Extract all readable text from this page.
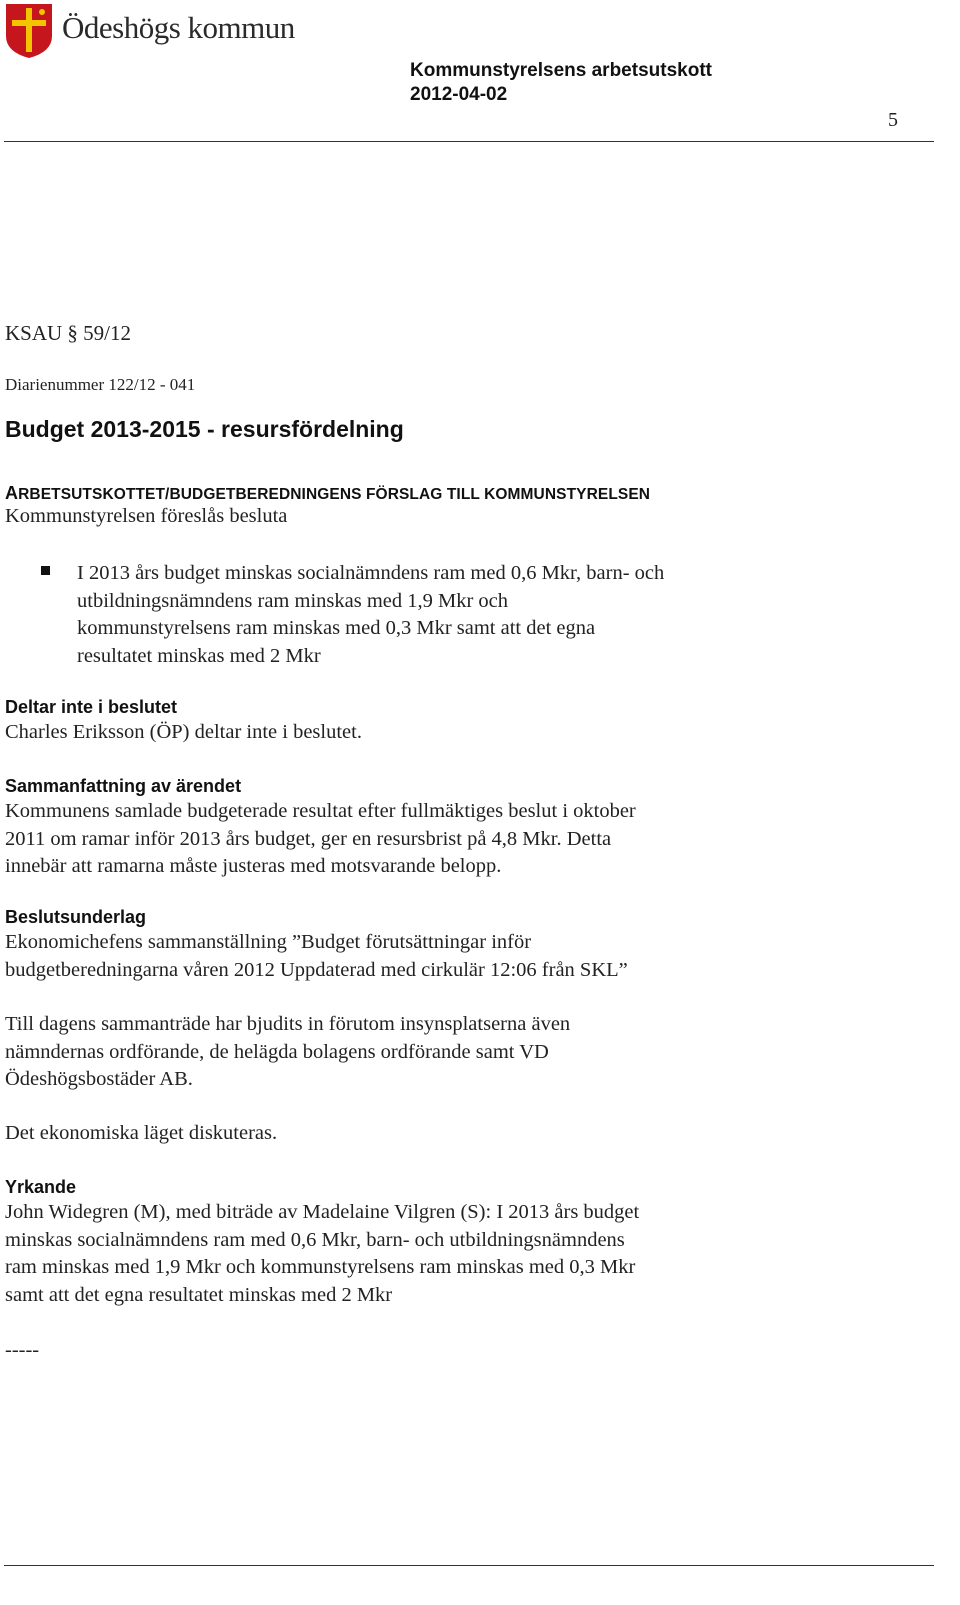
Ödeshögs kommun
Kommunstyrelsens arbetsutskott
2012-04-02
5
KSAU § 59/12
Diarienummer 122/12 - 041
Budget 2013-2015 - resursfördelning
ARBETSUTSKOTTET/BUDGETBEREDNINGENS FÖRSLAG TILL KOMMUNSTYRELSEN
Kommunstyrelsen föreslås besluta
I 2013 års budget minskas socialnämndens ram med 0,6 Mkr, barn- och
utbildningsnämndens ram minskas med 1,9 Mkr och
kommunstyrelsens ram minskas med 0,3 Mkr samt att det egna
resultatet minskas med 2 Mkr
Deltar inte i beslutet
Charles Eriksson (ÖP) deltar inte i beslutet.
Sammanfattning av ärendet
Kommunens samlade budgeterade resultat efter fullmäktiges beslut i oktober
2011 om ramar inför 2013 års budget, ger en resursbrist på 4,8 Mkr. Detta
innebär att ramarna måste justeras med motsvarande belopp.
Beslutsunderlag
Ekonomichefens sammanställning ”Budget förutsättningar inför
budgetberedningarna våren 2012 Uppdaterad med cirkulär 12:06 från SKL”
Till dagens sammanträde har bjudits in förutom insynsplatserna även
nämndernas ordförande, de helägda bolagens ordförande samt VD
Ödeshögsbostäder AB.
Det ekonomiska läget diskuteras.
Yrkande
John Widegren (M), med biträde av Madelaine Vilgren (S): I 2013 års budget
minskas socialnämndens ram med 0,6 Mkr, barn- och utbildningsnämndens
ram minskas med 1,9 Mkr och kommunstyrelsens ram minskas med 0,3 Mkr
samt att det egna resultatet minskas med 2 Mkr
-----
